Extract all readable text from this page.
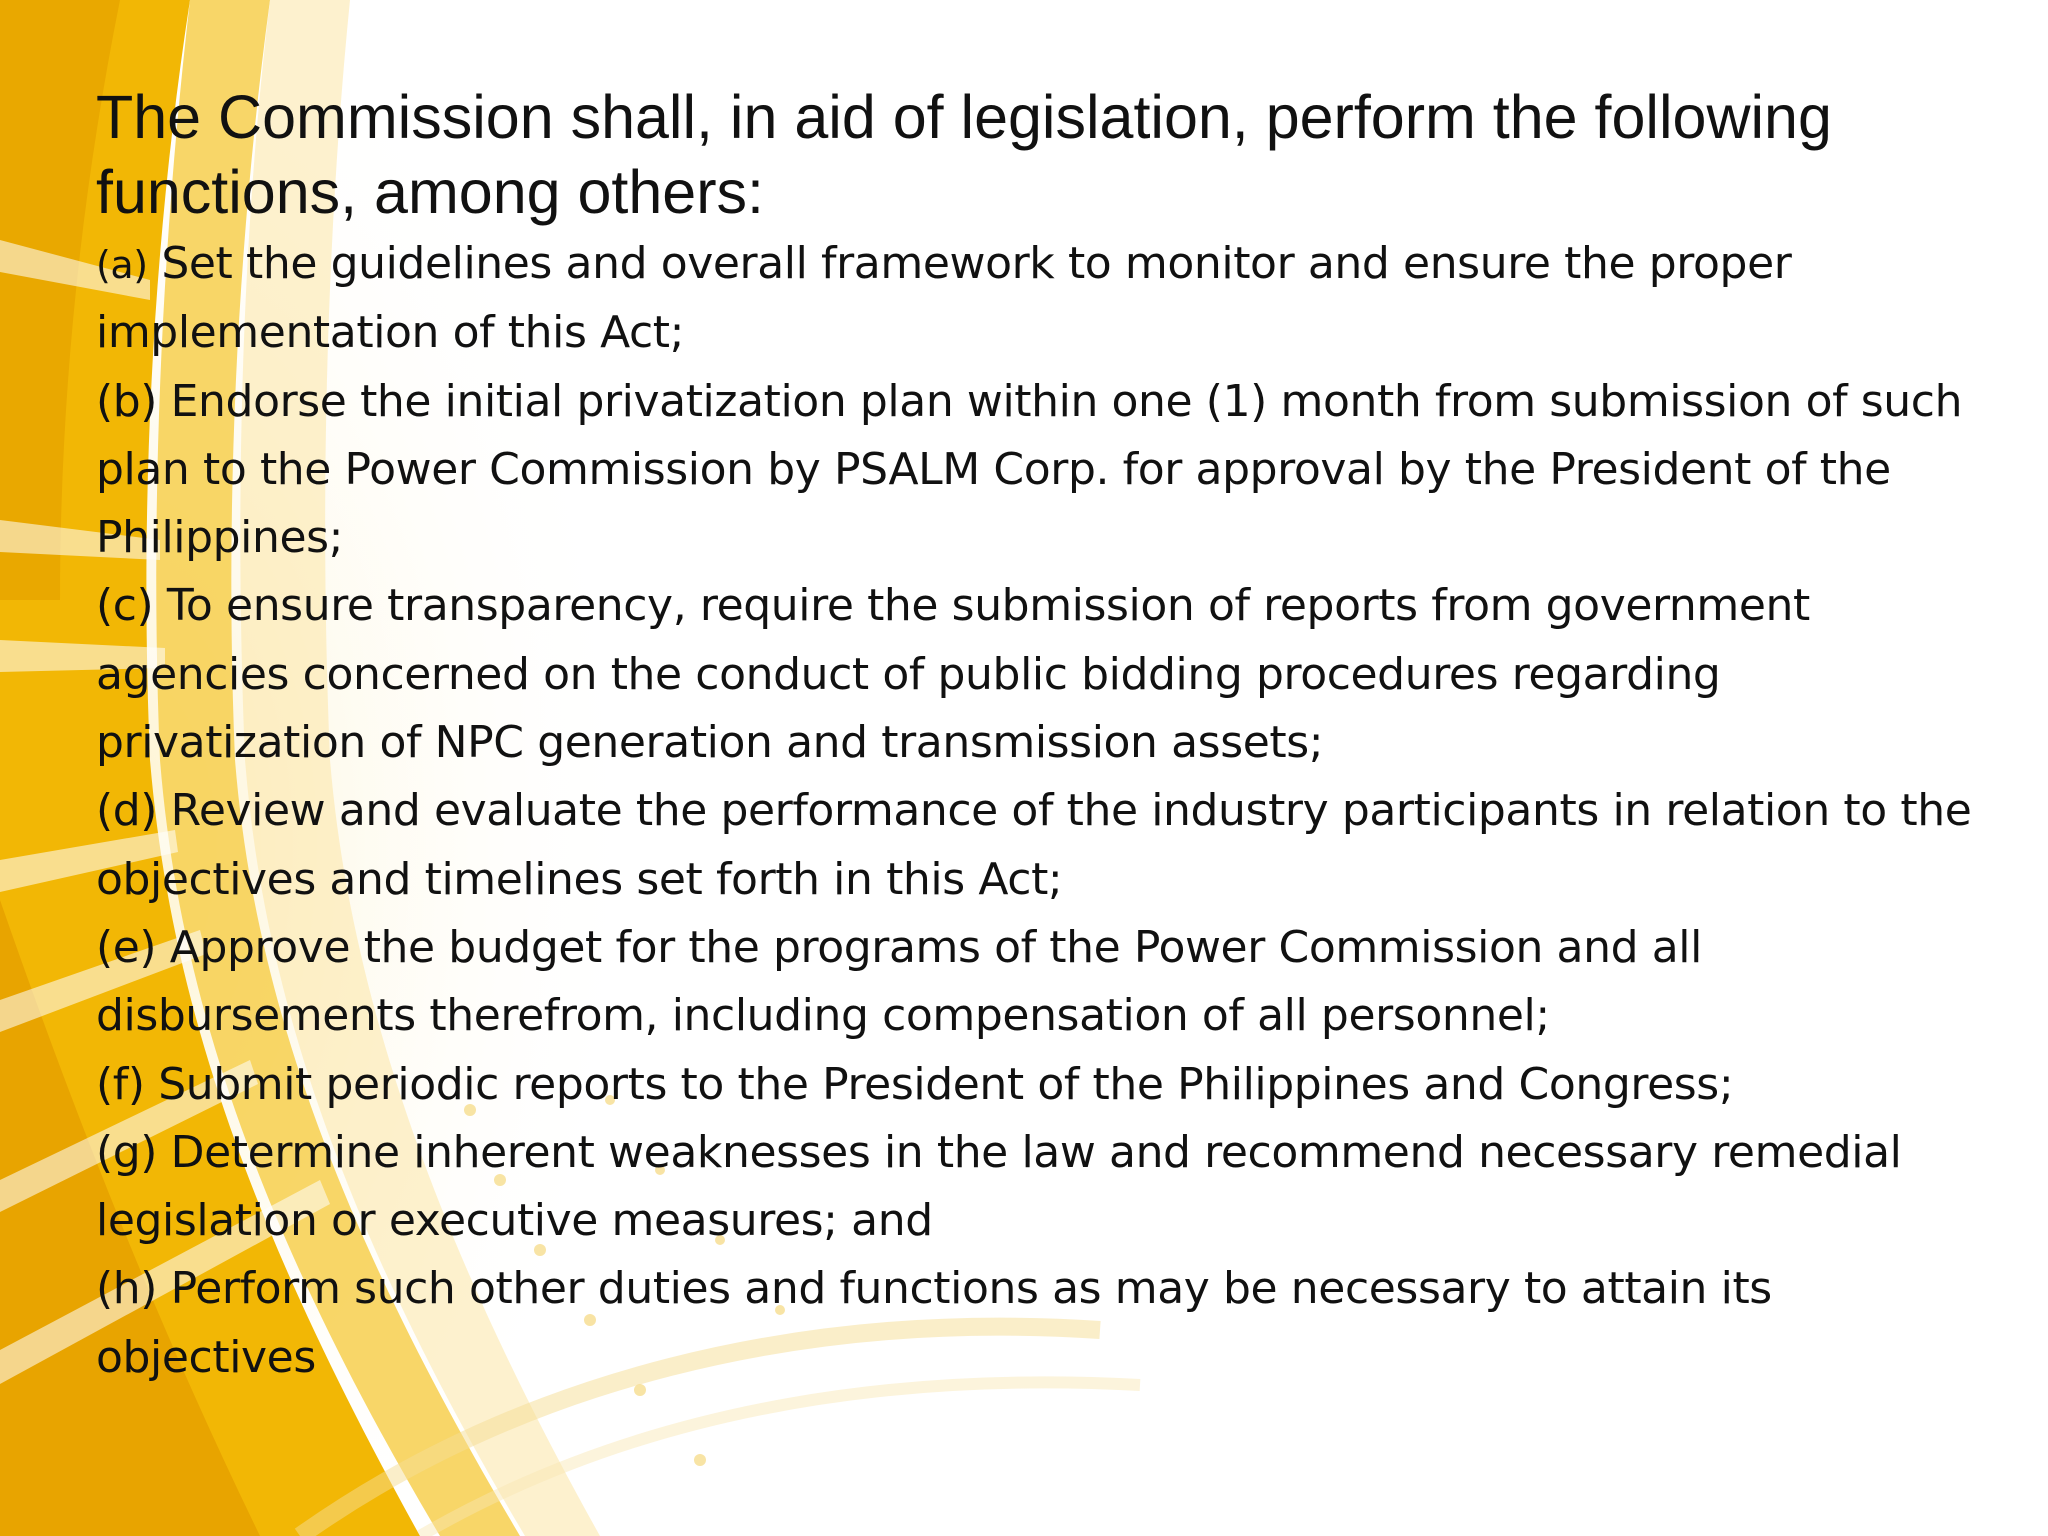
The Commission shall, in aid of legislation, perform the following functions, among others:
(a) Set the guidelines and overall framework to monitor and ensure the proper implementation of this Act;
(b) Endorse the initial privatization plan within one (1) month from submission of such plan to the Power Commission by PSALM Corp. for approval by the President of the Philippines;
(c) To ensure transparency, require the submission of reports from government agencies concerned on the conduct of public bidding procedures regarding privatization of NPC generation and transmission assets;
(d) Review and evaluate the performance of the industry participants in relation to the objectives and timelines set forth in this Act;
(e) Approve the budget for the programs of the Power Commission and all disbursements therefrom, including compensation of all personnel;
(f) Submit periodic reports to the President of the Philippines and Congress;
(g) Determine inherent weaknesses in the law and recommend necessary remedial legislation or executive measures; and
(h) Perform such other duties and functions as may be necessary to attain its objectives
